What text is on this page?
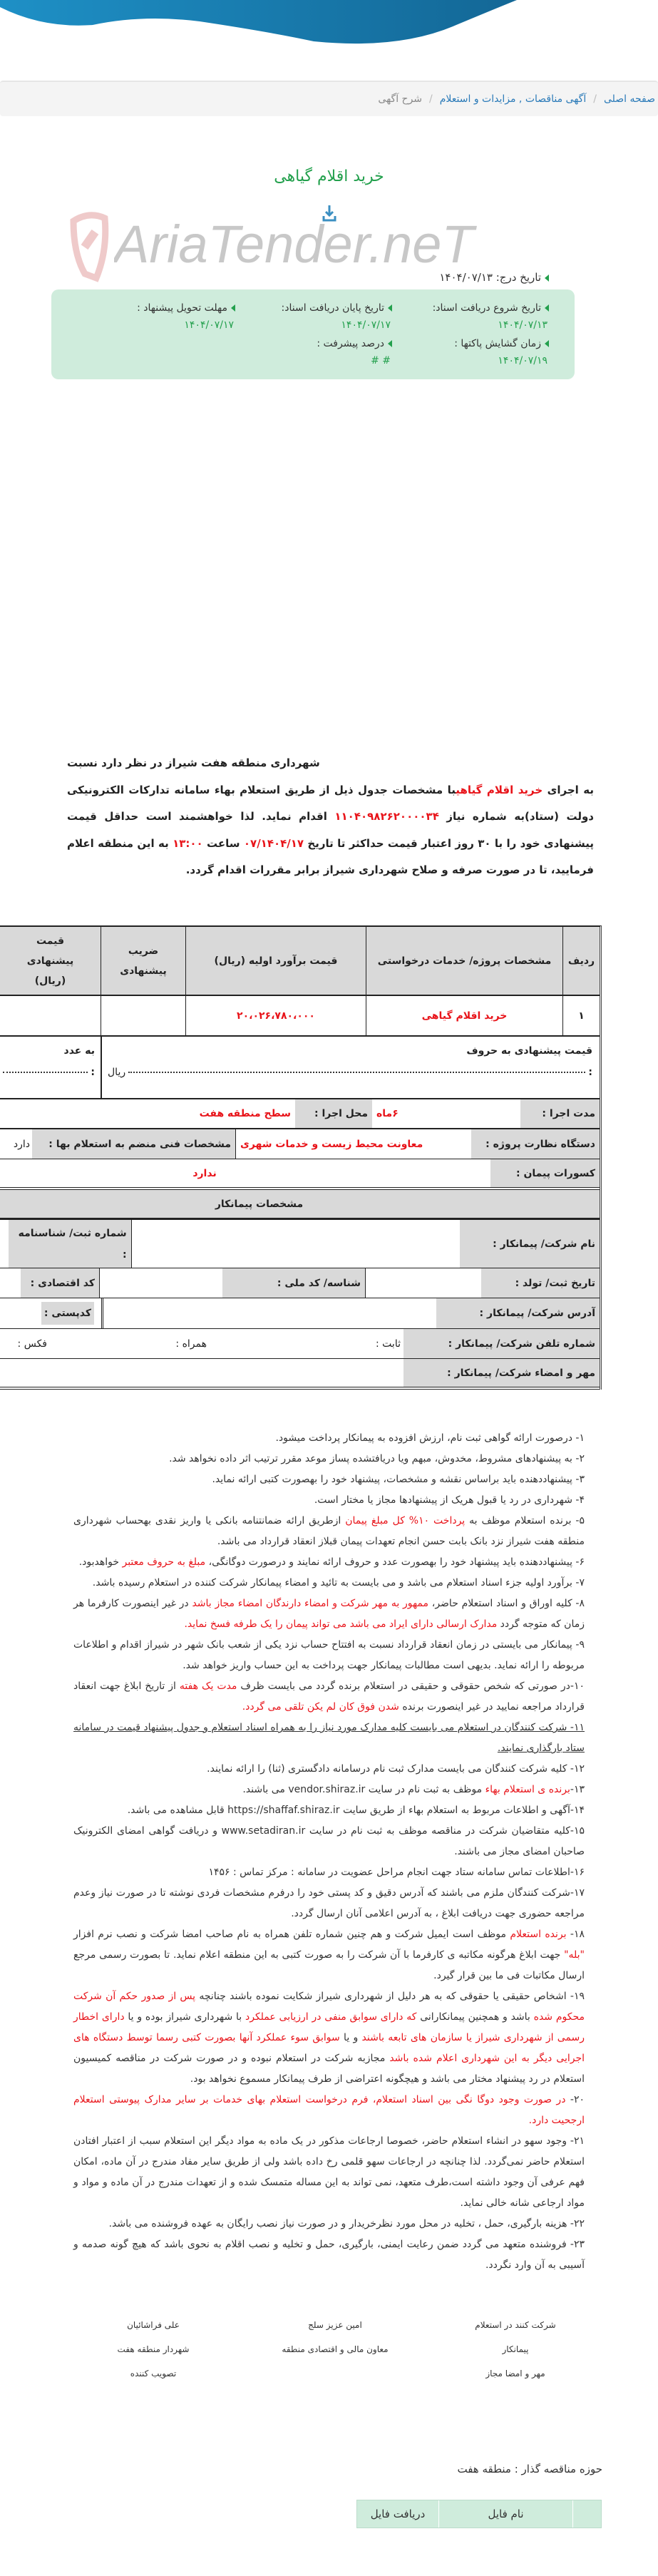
صفحه اصلی
/
آگهی مناقصات , مزایدات و استعلام
/
شرح آگهی
خرید اقلام گیاهی
AriaTender.neT
تاریخ درج: ۱۴۰۴/۰۷/۱۳
تاریخ شروع دریافت اسناد:
۱۴۰۴/۰۷/۱۳
تاریخ پایان دریافت اسناد:
۱۴۰۴/۰۷/۱۷
مهلت تحویل پیشنهاد :
۱۴۰۴/۰۷/۱۷
زمان گشایش پاکتها :
۱۴۰۴/۰۷/۱۹
درصد پیشرفت :
# #
شهرداری منطقه هفت شیراز در نظر دارد نسبت
به اجرای خرید اقلام گیاهیبا مشخصات جدول ذیل از طریق استعلام بهاء سامانه تدارکات الکترونیکی دولت (ستاد)به شماره نیاز ۱۱۰۴۰۹۸۲۶۲۰۰۰۰۳۴ اقدام نماید. لذا خواهشمند است حداقل قیمت پیشنهادی خود را با ۳۰ روز اعتبار قیمت حداکثر تا تاریخ ۰۷/۱۴۰۴/۱۷ ساعت ۱۳:۰۰ به این منطقه اعلام فرمایید، تا در صورت صرفه و صلاح شهرداری شیراز برابر مقررات اقدام گردد.
ردیف
مشخصات پروژه/ خدمات درخواستی
قیمت برآورد اولیه (ریال)
ضریب پیشنهادی
قیمت پیشنهادی (ریال)
۱
خرید اقلام گیاهی
۲۰،۰۲۶،۷۸۰،۰۰۰
قیمت پیشنهادی به حروف
:
ریال
به عدد
:
مدت اجرا :
۶ماه
محل اجرا :
سطح منطقه هفت
دستگاه نظارت پروژه :
معاونت محیط زیست و خدمات شهری
مشخصات فنی منضم به استعلام بها :
دارد
کسورات پیمان :
ندارد
مشخصات پیمانکار
نام شرکت/ پیمانکار :
شماره ثبت/ شناسنامه
:
تاریخ ثبت/ تولد :
شناسه/ کد ملی :
کد اقتصادی :
آدرس شرکت/ پیمانکار :
کدپستی :
شماره تلفن شرکت/ پیمانکار :
ثابت :
همراه :
فکس :
مهر و امضاء شرکت/ پیمانکار :
۱- درصورت ارائه گواهی ثبت نام، ارزش افزوده به پیمانکار پرداخت میشود.
۲- به پیشنهادهای مشروط، مخدوش، مبهم ویا دریافتشده پساز موعد مقرر ترتیب اثر داده نخواهد شد.
۳- پیشنهاددهنده باید براساس نقشه و مشخصات، پیشنهاد خود را بهصورت کتبی ارائه نماید.
۴- شهرداری در رد یا قبول هریک از پیشنهادها مجاز یا مختار است.
۵- برنده استعلام موظف به پرداخت ۱۰% کل مبلغ پیمان ازطریق ارائه ضمانتنامه بانکی یا واریز نقدی بهحساب شهرداری منطقه هفت شیراز نزد بانک بابت حسن انجام تعهدات پیمان قبلاز انعقاد قرارداد می باشد.
۶- پیشنهاددهنده باید پیشنهاد خود را بهصورت عدد و حروف ارائه نمایند و درصورت دوگانگی، مبلغ به حروف معتبر خواهدبود.
۷- برآورد اولیه جزء اسناد استعلام می باشد و می بایست به تائید و امضاء پیمانکار شرکت کننده در استعلام رسیده باشد.
۸- کلیه اوراق و اسناد استعلام حاضر، ممهور به مهر شرکت و امضاء دارندگان امضاء مجاز باشد در غیر اینصورت کارفرما هر زمان که متوجه گردد مدارک ارسالی دارای ایراد می باشد می تواند پیمان را یک طرفه فسخ نماید.
۹- پیمانکار می بایستی در زمان انعقاد قرارداد نسبت به افتتاح حساب نزد یکی از شعب بانک شهر در شیراز اقدام و اطلاعات مربوطه را ارائه نماید. بدیهی است مطالبات پیمانکار جهت پرداخت به این حساب واریز خواهد شد.
۱۰-در صورتی که شخص حقوقی و حقیقی در استعلام برنده گردد می بایست ظرف مدت یک هفته از تاریخ ابلاغ جهت انعقاد قرارداد مراجعه نمایید در غیر اینصورت برنده شدن فوق کان لم یکن تلقی می گردد.
۱۱- شرکت کنندگان در استعلام می بایست کلیه مدارک مورد نیاز را به همراه اسناد استعلام و جدول پیشنهاد قیمت در سامانه ستاد بارگذاری نمایند.
۱۲- کلیه شرکت کنندگان می بایست مدارک ثبت نام درسامانه دادگستری (ثنا) را ارائه نمایند.
۱۳-برنده ی استعلام بهاء موظف به ثبت نام در سایت vendor.shiraz.ir می باشند.
۱۴-آگهی و اطلاعات مربوط به استعلام بهاء از طریق سایت https://shaffaf.shiraz.ir قابل مشاهده می باشد.
۱۵-کلیه متقاضیان شرکت در مناقصه موظف به ثبت نام در سایت www.setadiran.ir و دریافت گواهی امضای الکترونیک صاحبان امضای مجاز می باشند.
۱۶-اطلاعات تماس سامانه ستاد جهت انجام مراحل عضویت در سامانه : مرکز تماس : ۱۴۵۶
۱۷-شرکت کنندگان ملزم می باشند که آدرس دقیق و کد پستی خود را درفرم مشخصات فردی نوشته تا در صورت نیاز وعدم مراجعه حضوری جهت دریافت ابلاغ ، به آدرس اعلامی آنان ارسال گردد.
۱۸- برنده استعلام موظف است ایمیل شرکت و هم چنین شماره تلفن همراه به نام صاحب امضا شرکت و نصب نرم افزار "بله" جهت ابلاغ هرگونه مکاتبه ی کارفرما با آن شرکت را به صورت کتبی به این منطقه اعلام نماید. تا بصورت رسمی مرجع ارسال مکاتبات فی ما بین قرار گیرد.
۱۹- اشخاص حقیقی یا حقوقی که به هر دلیل از شهرداری شیراز شکایت نموده باشند چنانچه پس از صدور حکم آن شرکت محکوم شده باشد و همچنین پیمانکارانی که دارای سوابق منفی در ارزیابی عملکرد با شهرداری شیراز بوده و یا دارای اخطار رسمی از شهرداری شیراز یا سازمان های تابعه باشند و یا سوابق سوء عملکرد آنها بصورت کتبی رسما توسط دستگاه های اجرایی دیگر به این شهرداری اعلام شده باشد مجازبه شرکت در استعلام نبوده و در صورت شرکت در مناقصه کمیسیون استعلام در رد پیشنهاد مختار می باشد و هیچگونه اعتراضی از طرف پیمانکار مسموع نخواهد بود.
۲۰- در صورت وجود دوگا نگی بین اسناد استعلام، فرم درخواست استعلام بهای خدمات بر سایر مدارک پیوستی استعلام ارجحیت دارد.
۲۱- وجود سهو در انشاء استعلام حاضر، خصوصا ارجاعات مذکور در یک ماده به مواد دیگر این استعلام سبب از اعتبار افتادن استعلام حاضر نمی‌گردد. لذا چنانچه در ارجاعات سهو قلمی رخ داده باشد ولی از طریق سایر مفاد مندرج در آن ماده، امکان فهم عرفی آن وجود داشته است،طرف متعهد، نمی تواند به این مساله متمسک شده و از تعهدات مندرج در آن ماده و مواد و مواد ارجاعی شانه خالی نماید.
۲۲- هزینه بارگیری، حمل ، تخلیه در محل مورد نظرخریدار و در صورت نیاز نصب رایگان به عهده فروشنده می باشد.
۲۳- فروشنده متعهد می گردد ضمن رعایت ایمنی، بارگیری، حمل و تخلیه و نصب اقلام به نحوی باشد که هیچ گونه صدمه و آسیبی به آن وارد نگردد.
شرکت کنند در استعلام
پیمانکار
مهر و امضا مجاز
امین عزیز سلج
معاون مالی و اقتصادی منطقه
علی فراشائیان
شهردار منطقه هفت
تصویب کننده
حوزه مناقصه گذار : منطقه هفت
نام فایل
دریافت فایل
